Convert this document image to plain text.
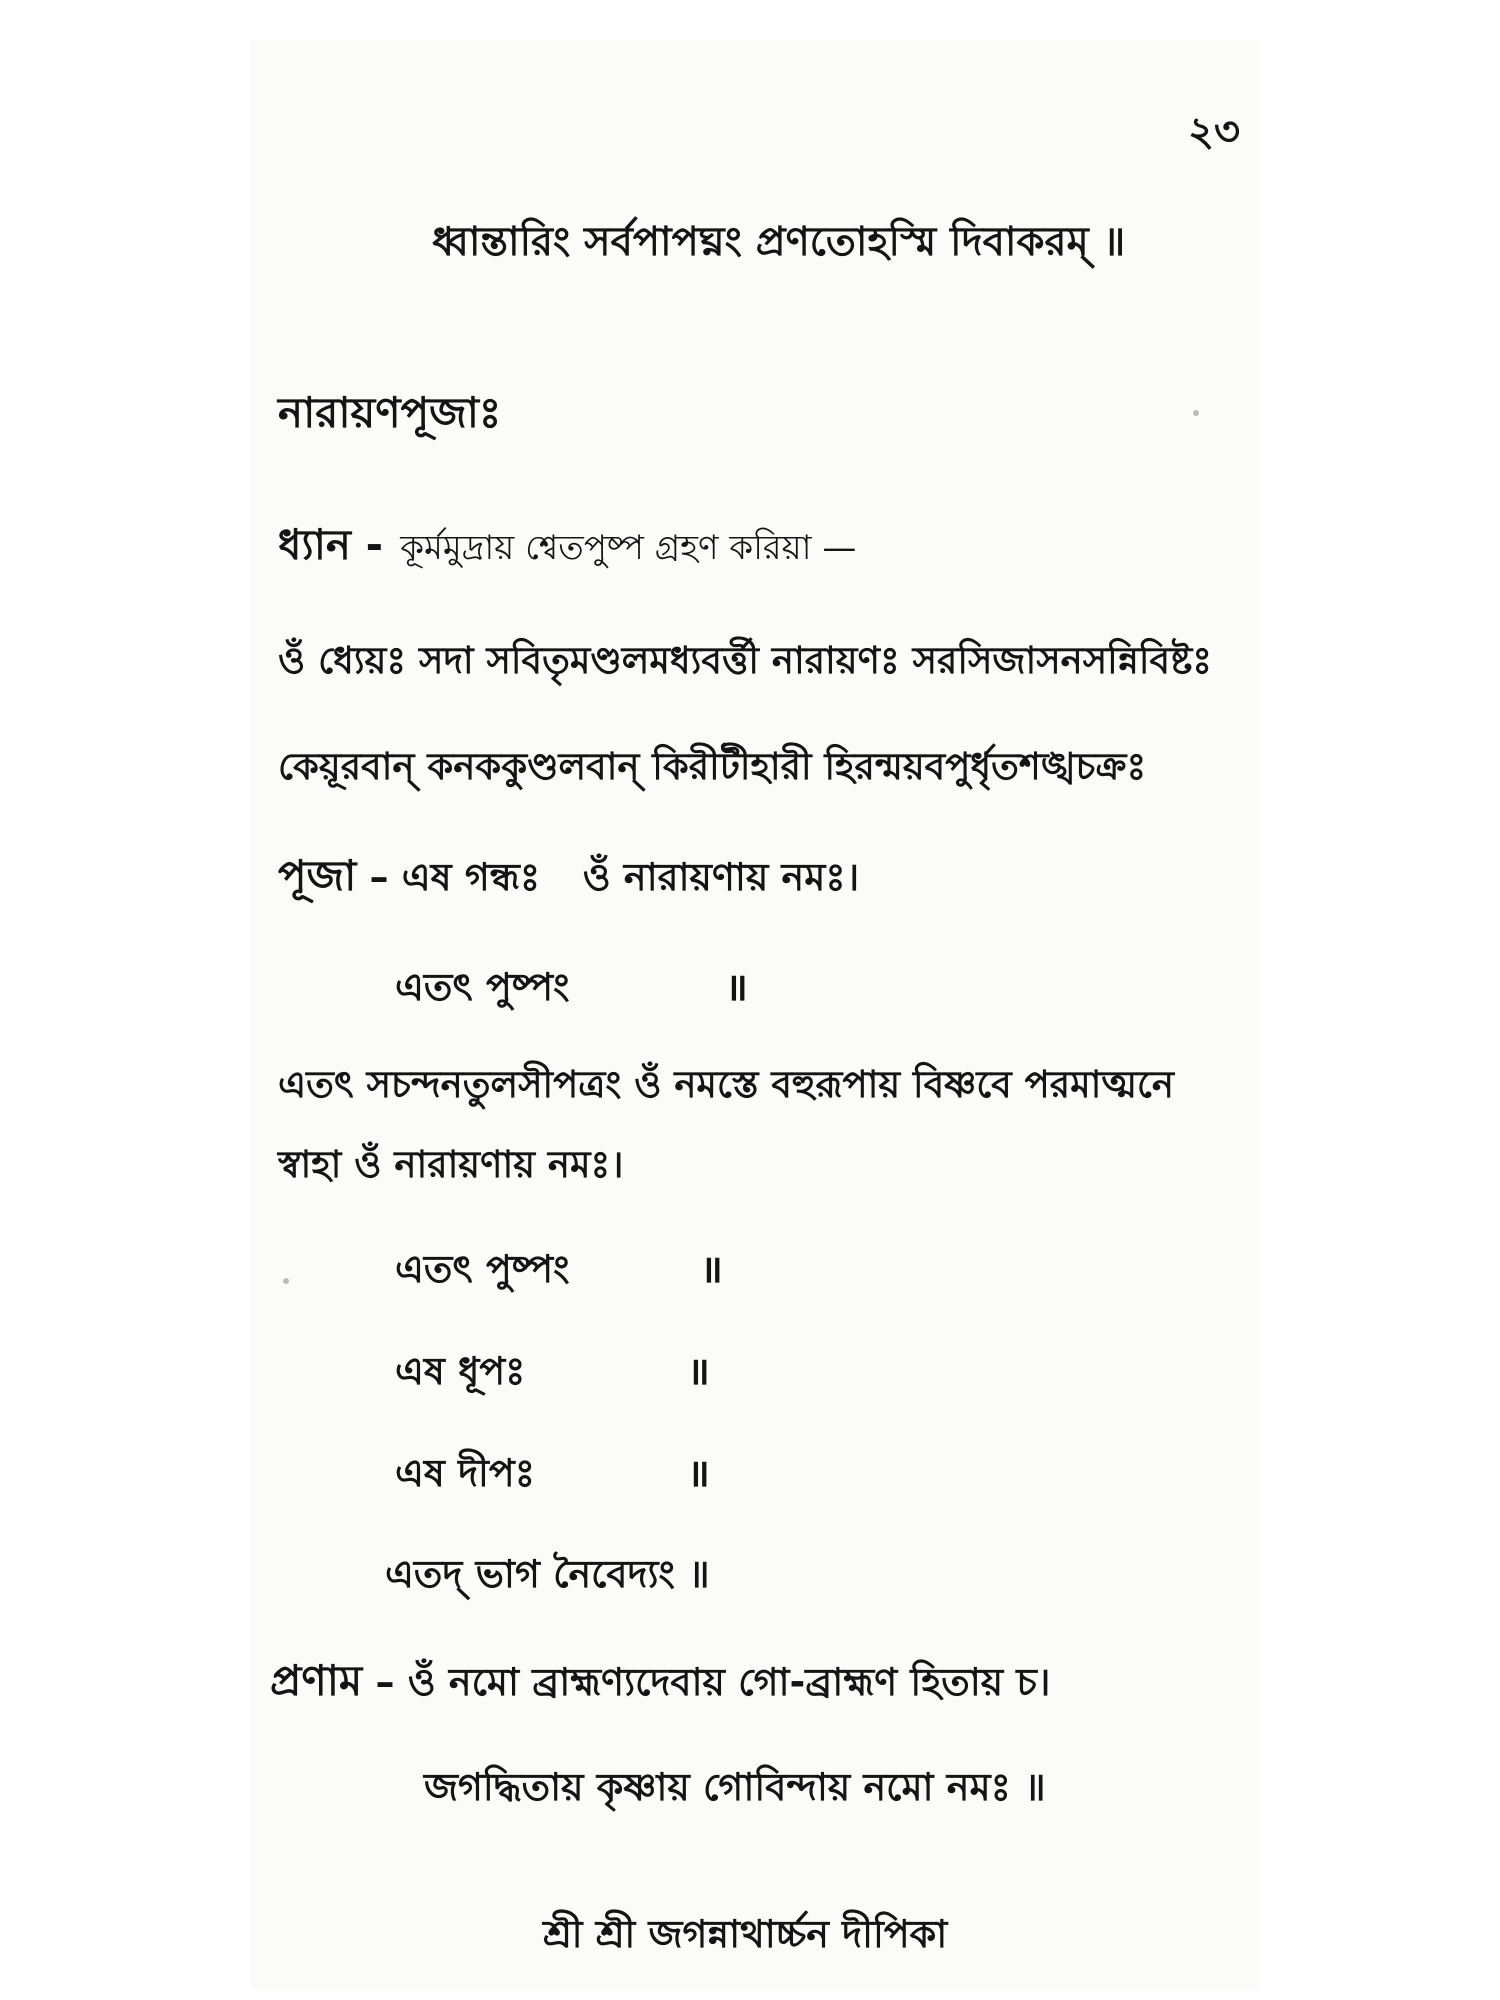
২৩
ধ্বান্তারিং সর্বপাপঘ্নং প্রণতোহস্মি দিবাকরম্ ॥
নারায়ণপূজাঃ
ধ্যান - কূর্মমুদ্রায় শ্বেতপুষ্প গ্রহণ করিয়া —
ওঁ ধ্যেয়ঃ সদা সবিতৃমণ্ডলমধ্যবর্ত্তী নারায়ণঃ সরসিজাসনসন্নিবিষ্টঃ
কেয়ূরবান্ কনককুণ্ডলবান্ কিরীটীহারী হিরন্ময়বপুর্ধৃতশঙ্খচক্রঃ
পূজা – এষ গন্ধঃ ওঁ নারায়ণায় নমঃ।
এতৎ পুষ্পং	॥
এতৎ সচন্দনতুলসীপত্রং ওঁ নমস্তে বহুরূপায় বিষ্ণবে পরমাত্মনে
স্বাহা ওঁ নারায়ণায় নমঃ।
এতৎ পুষ্পং	॥
এষ ধূপঃ	॥
এষ দীপঃ	॥
এতদ্ ভাগ নৈবেদ্যং ॥
প্রণাম – ওঁ নমো ব্রাহ্মণ্যদেবায় গো-ব্রাহ্মণ হিতায় চ।
জগদ্ধিতায় কৃষ্ণায় গোবিন্দায় নমো নমঃ ॥
শ্রী শ্রী জগন্নাথার্চ্চন দীপিকা
